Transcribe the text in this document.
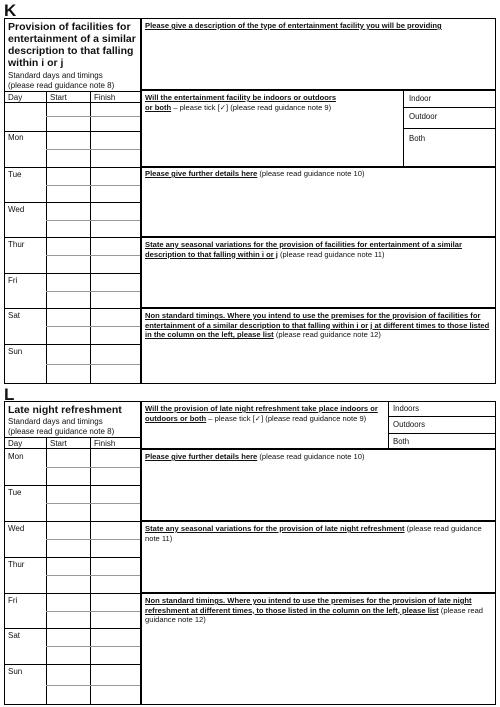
K
Provision of facilities for entertainment of a similar description to that falling within i or j
Standard days and timings
(please read guidance note 8)
Day	Start	Finish
Mon
Tue
Wed
Thur
Fri
Sat
Sun
Please give a description of the type of entertainment facility you will be providing
Will the entertainment facility be indoors or outdoors
or both – please tick [✓] (please read guidance note 9)
Indoor
Outdoor
Both
Please give further details here (please read guidance note 10)
State any seasonal variations for the provision of facilities for entertainment of a similar description to that falling within i or j (please read guidance note 11)
Non standard timings. Where you intend to use the premises for the provision of facilities for entertainment of a similar description to that falling within i or j at different times to those listed in the column on the left, please list (please read guidance note 12)
L
Late night refreshment
Standard days and timings
(please read guidance note 8)
Day	Start	Finish
Mon
Tue
Wed
Thur
Fri
Sat
Sun
Will the provision of late night refreshment take place indoors or outdoors or both – please tick [✓] (please read guidance note 9)
Indoors
Outdoors
Both
Please give further details here (please read guidance note 10)
State any seasonal variations for the provision of late night refreshment (please read guidance note 11)
Non standard timings. Where you intend to use the premises for the provision of late night refreshment at different times, to those listed in the column on the left, please list (please read guidance note 12)
